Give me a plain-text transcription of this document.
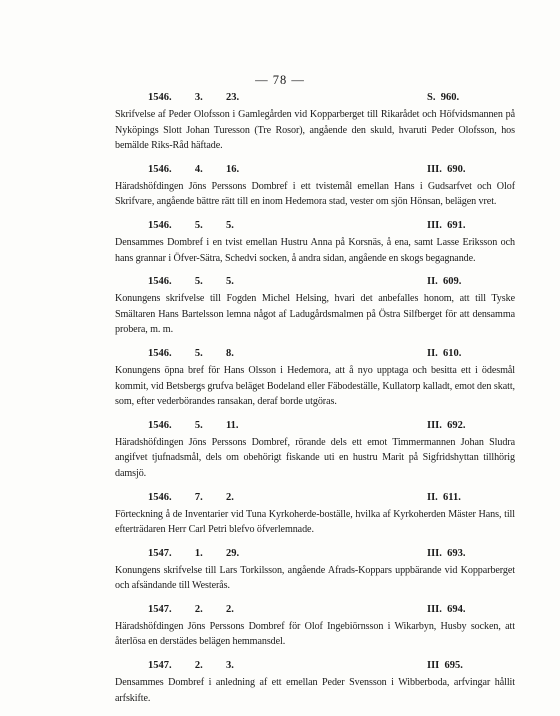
— 78 —
1546.  3.  23.	S.  960.
Skrifvelse af Peder Olofsson i Gamlegården vid Kopparberget till Rikarådet och Höfvidsmannen på Nyköpings Slott Johan Turesson (Tre Rosor), angående den skuld, hvaruti Peder Olofsson, hos bemälde Riks-Råd häftade.
1546.  4.  16.	III.  690.
Häradshöfdingen Jöns Perssons Dombref i ett tvistemål emellan Hans i Gudsarfvet och Olof Skrifvare, angående bättre rätt till en inom Hedemora stad, vester om sjön Hönsan, belägen vret.
1546.  5.  5.	III.  691.
Densammes Dombref i en tvist emellan Hustru Anna på Korsnäs, å ena, samt Lasse Eriksson och hans grannar i Öfver-Sätra, Schedvi socken, å andra sidan, angående en skogs begagnande.
1546.  5.  5.	II.  609.
Konungens skrifvelse till Fogden Michel Helsing, hvari det anbefalles honom, att till Tyske Smältaren Hans Bartelsson lemna något af Ladugårdsmalmen på Östra Silfberget för att densamma probera, m. m.
1546.  5.  8.	II.  610.
Konungens öpna bref för Hans Olsson i Hedemora, att å nyo upptaga och besitta ett i ödesmål kommit, vid Betsbergs grufva beläget Bodeland eller Fäbodeställe, Kullatorp kalladt, emot den skatt, som, efter vederbörandes ransakan, deraf borde utgöras.
1546.  5.  11.	III.  692.
Häradshöfdingen Jöns Perssons Dombref, rörande dels ett emot Timmermannen Johan Sludra angifvet tjufnadsmål, dels om obehörigt fiskande uti en hustru Marit på Sigfridshyttan tillhörig damsjö.
1546.  7.  2.	II.  611.
Förteckning å de Inventarier vid Tuna Kyrkoherde-boställe, hvilka af Kyrkoherden Mäster Hans, till efterträdaren Herr Carl Petri blefvo öfverlemnade.
1547.  1.  29.	III.  693.
Konungens skrifvelse till Lars Torkilsson, angående Afrads-Koppars uppbärande vid Kopparberget och afsändande till Westerås.
1547.  2.  2.	III.  694.
Häradshöfdingen Jöns Perssons Dombref för Olof Ingebiörnsson i Wikarbyn, Husby socken, att återlösa en derstädes belägen hemmansdel.
1547.  2.  3.	III  695.
Densammes Dombref i anledning af ett emellan Peder Svensson i Wibberboda, arfvingar hållit arfskifte.
